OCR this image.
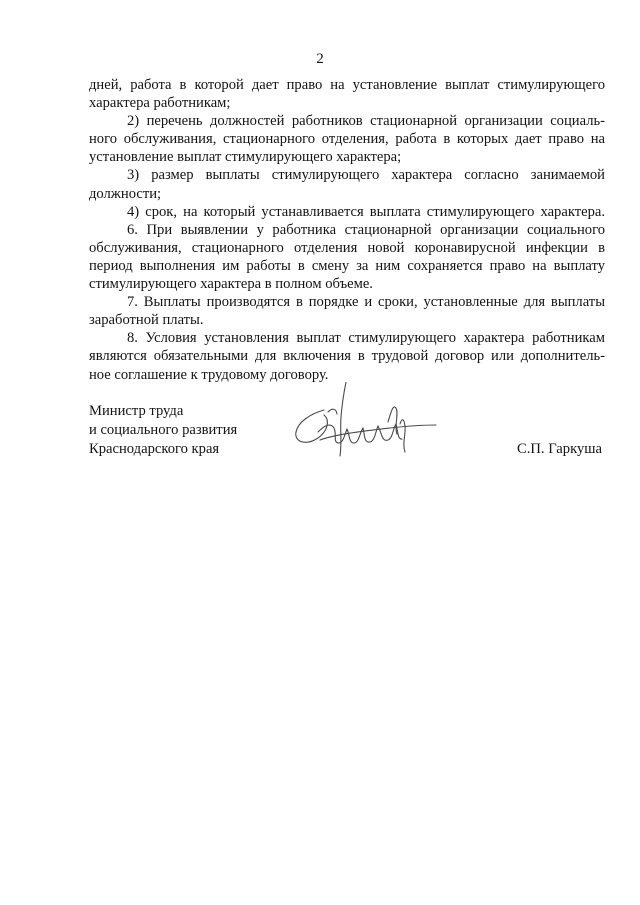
2
дней, работа в которой дает право на установление выплат стимулирующего
характера работникам;
2) перечень должностей работников стационарной организации социаль-
ного обслуживания, стационарного отделения, работа в которых дает право на
установление выплат стимулирующего характера;
3) размер выплаты стимулирующего характера согласно занимаемой
должности;
4) срок, на который устанавливается выплата стимулирующего характера.
6. При выявлении у работника стационарной организации социального
обслуживания, стационарного отделения новой коронавирусной инфекции в
период выполнения им работы в смену за ним сохраняется право на выплату
стимулирующего характера в полном объеме.
7. Выплаты производятся в порядке и сроки, установленные для выплаты
заработной платы.
8. Условия установления выплат стимулирующего характера работникам
являются обязательными для включения в трудовой договор или дополнитель-
ное соглашение к трудовому договору.
Министр труда
и социального развития
Краснодарского края	С.П. Гаркуша
